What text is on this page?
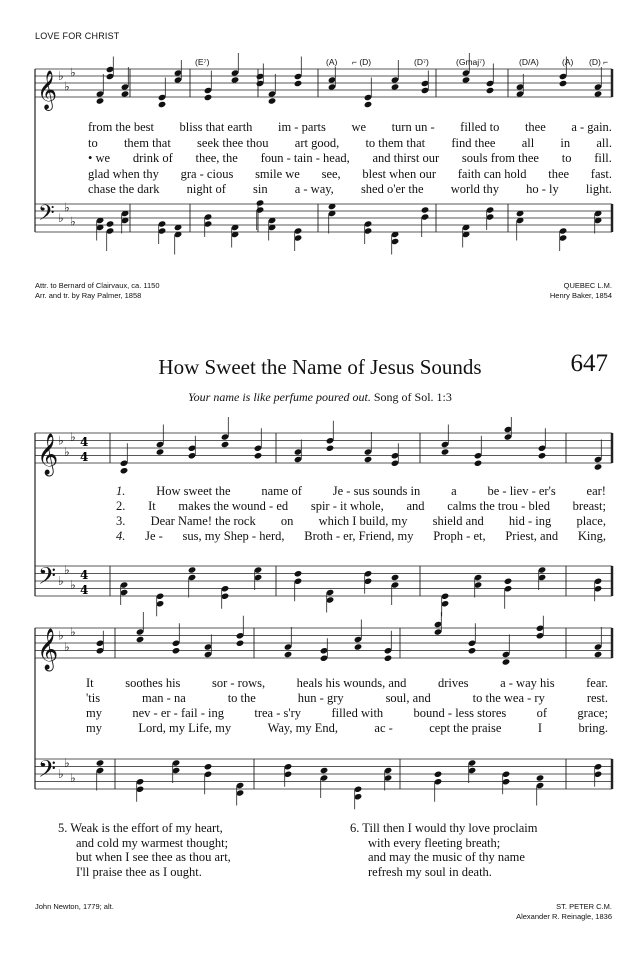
𝄞 ♭
♭
♭
𝄢 ♭
♭
♭
𝄞 ♭
♭
♭ 4
4
𝄢 ♭
♭
♭
4
4
𝄞 ♭
♭
♭
𝄢 ♭
♭
♭
LOVE FOR CHRIST
(E⁷)	(A) ⌐ (D)	(D⁷)	(Gmaj⁷)	(D/A)	(A) (D) ⌐
from the best bliss that earth im - parts we turn un - filled to thee a - gain.
to them that seek thee thou art good, to them that find thee all in all.
• we drink of thee, the foun - tain - head, and thirst our souls from thee to fill.
glad when thy gra - cious smile we see, blest when our faith can hold thee fast.
chase the dark night of sin a - way, shed o'er the world thy ho - ly light.
Attr. to Bernard of Clairvaux, ca. 1150
Arr. and tr. by Ray Palmer, 1858
QUEBEC L.M.
Henry Baker, 1854
How Sweet the Name of Jesus Sounds	647
Your name is like perfume poured out. Song of Sol. 1:3
1. How sweet the name of Je - sus sounds in a be - liev - er's ear!
2. It makes the wound - ed spir - it whole, and calms the trou - bled breast;
3. Dear Name! the rock on which I build, my shield and hid - ing place,
4. Je - sus, my Shep - herd, Broth - er, Friend, my Proph - et, Priest, and King,
It	soothes his	sor - rows,	heals his wounds, and	drives	a - way his	fear.
'tis	man - na	to the	hun - gry	soul, and	to the wea - ry	rest.
my nev - er - fail - ing trea - s'ry filled with bound - less stores of grace;
my	Lord, my Life, my	Way, my End,	ac -	cept the praise	I	bring.
5. Weak is the effort of my heart,
and cold my warmest thought;
but when I see thee as thou art,
I'll praise thee as I ought.
6. Till then I would thy love proclaim
with every fleeting breath;
and may the music of thy name
refresh my soul in death.
John Newton, 1779; alt.	ST. PETER C.M.
Alexander R. Reinagle, 1836
